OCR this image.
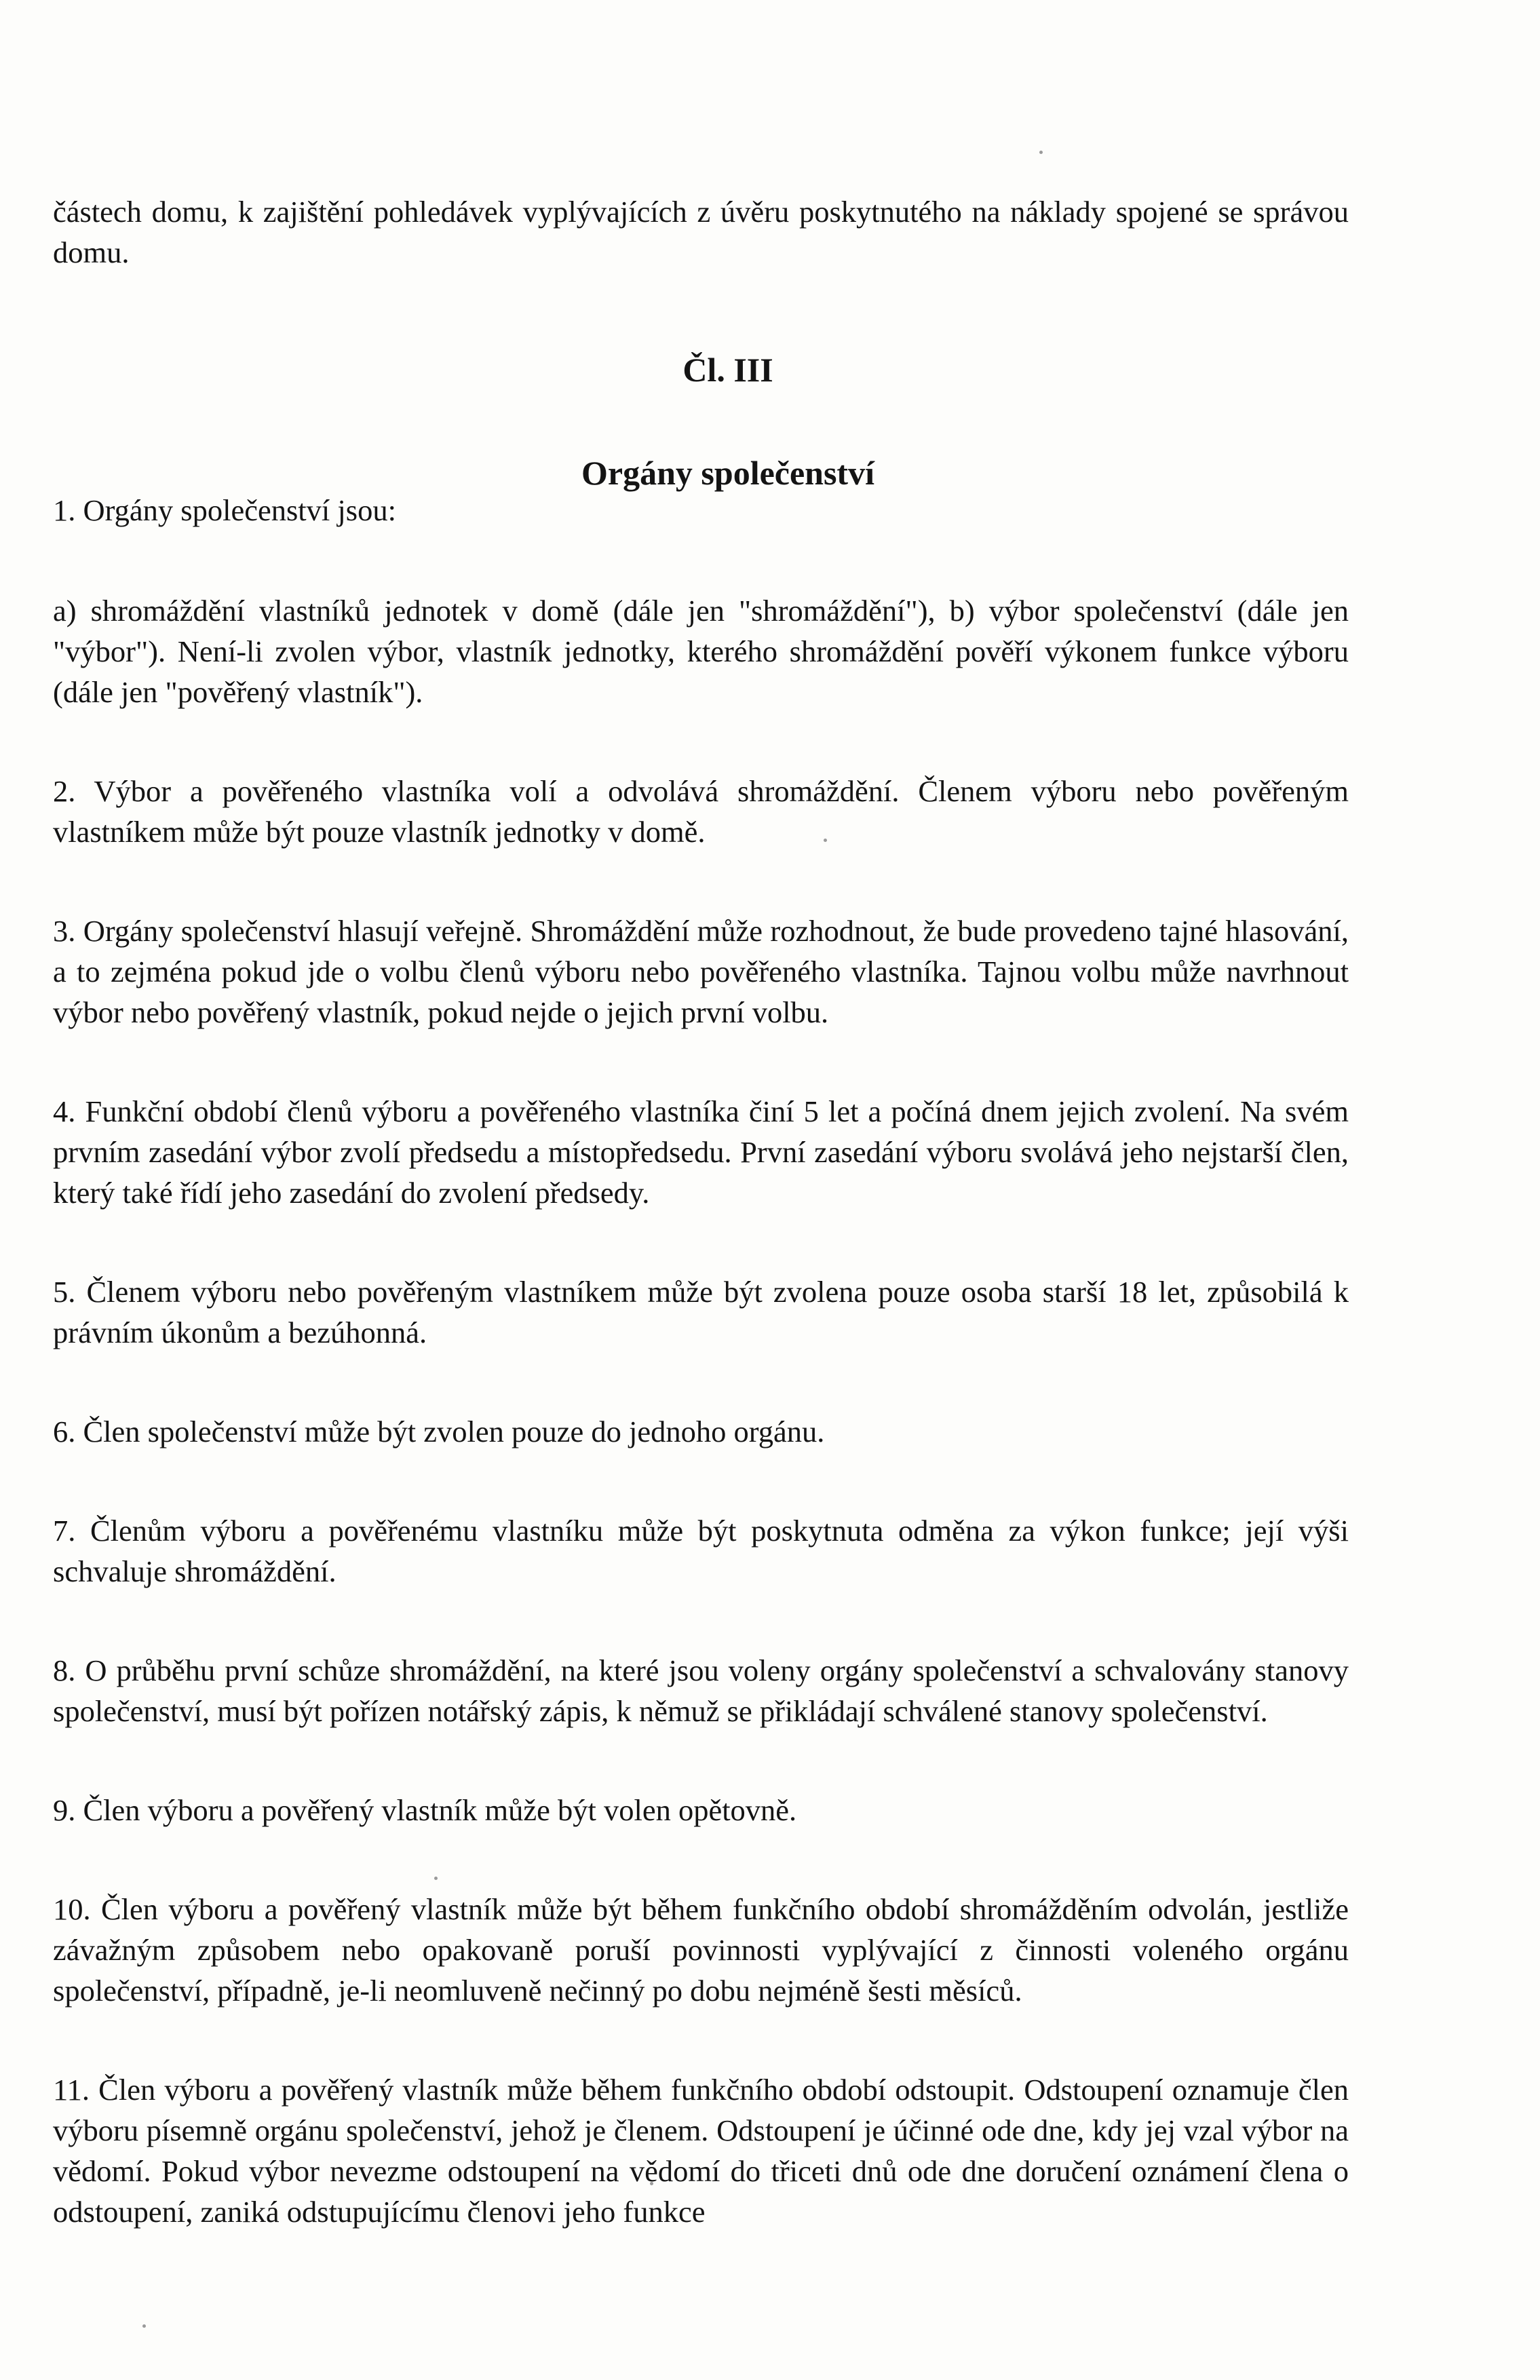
částech domu, k zajištění pohledávek vyplývajících z úvěru poskytnutého na náklady spojené se správou domu.

Čl. III

Orgány společenství

1. Orgány společenství jsou:

a) shromáždění vlastníků jednotek v domě (dále jen "shromáždění"), b) výbor společenství (dále jen "výbor"). Není-li zvolen výbor, vlastník jednotky, kterého shromáždění pověří výkonem funkce výboru (dále jen "pověřený vlastník").

2. Výbor a pověřeného vlastníka volí a odvolává shromáždění. Členem výboru nebo pověřeným vlastníkem může být pouze vlastník jednotky v domě.

3. Orgány společenství hlasují veřejně. Shromáždění může rozhodnout, že bude provedeno tajné hlasování, a to zejména pokud jde o volbu členů výboru nebo pověřeného vlastníka. Tajnou volbu může navrhnout výbor nebo pověřený vlastník, pokud nejde o jejich první volbu.

4. Funkční období členů výboru a pověřeného vlastníka činí 5 let a počíná dnem jejich zvolení. Na svém prvním zasedání výbor zvolí předsedu a místopředsedu. První zasedání výboru svolává jeho nejstarší člen, který také řídí jeho zasedání do zvolení předsedy.

5. Členem výboru nebo pověřeným vlastníkem může být zvolena pouze osoba starší 18 let, způsobilá k právním úkonům a bezúhonná.

6. Člen společenství může být zvolen pouze do jednoho orgánu.

7. Členům výboru a pověřenému vlastníku může být poskytnuta odměna za výkon funkce; její výši schvaluje shromáždění.

8. O průběhu první schůze shromáždění, na které jsou voleny orgány společenství a schvalovány stanovy společenství, musí být pořízen notářský zápis, k němuž se přikládají schválené stanovy společenství.

9. Člen výboru a pověřený vlastník může být volen opětovně.

10. Člen výboru a pověřený vlastník může být během funkčního období shromážděním odvolán, jestliže závažným způsobem nebo opakovaně poruší povinnosti vyplývající z činnosti voleného orgánu společenství, případně, je-li neomluveně nečinný po dobu nejméně šesti měsíců.

11. Člen výboru a pověřený vlastník může během funkčního období odstoupit. Odstoupení oznamuje člen výboru písemně orgánu společenství, jehož je členem. Odstoupení je účinné ode dne, kdy jej vzal výbor na vědomí. Pokud výbor nevezme odstoupení na vědomí do třiceti dnů ode dne doručení oznámení člena o odstoupení, zaniká odstupujícímu členovi jeho funkce
